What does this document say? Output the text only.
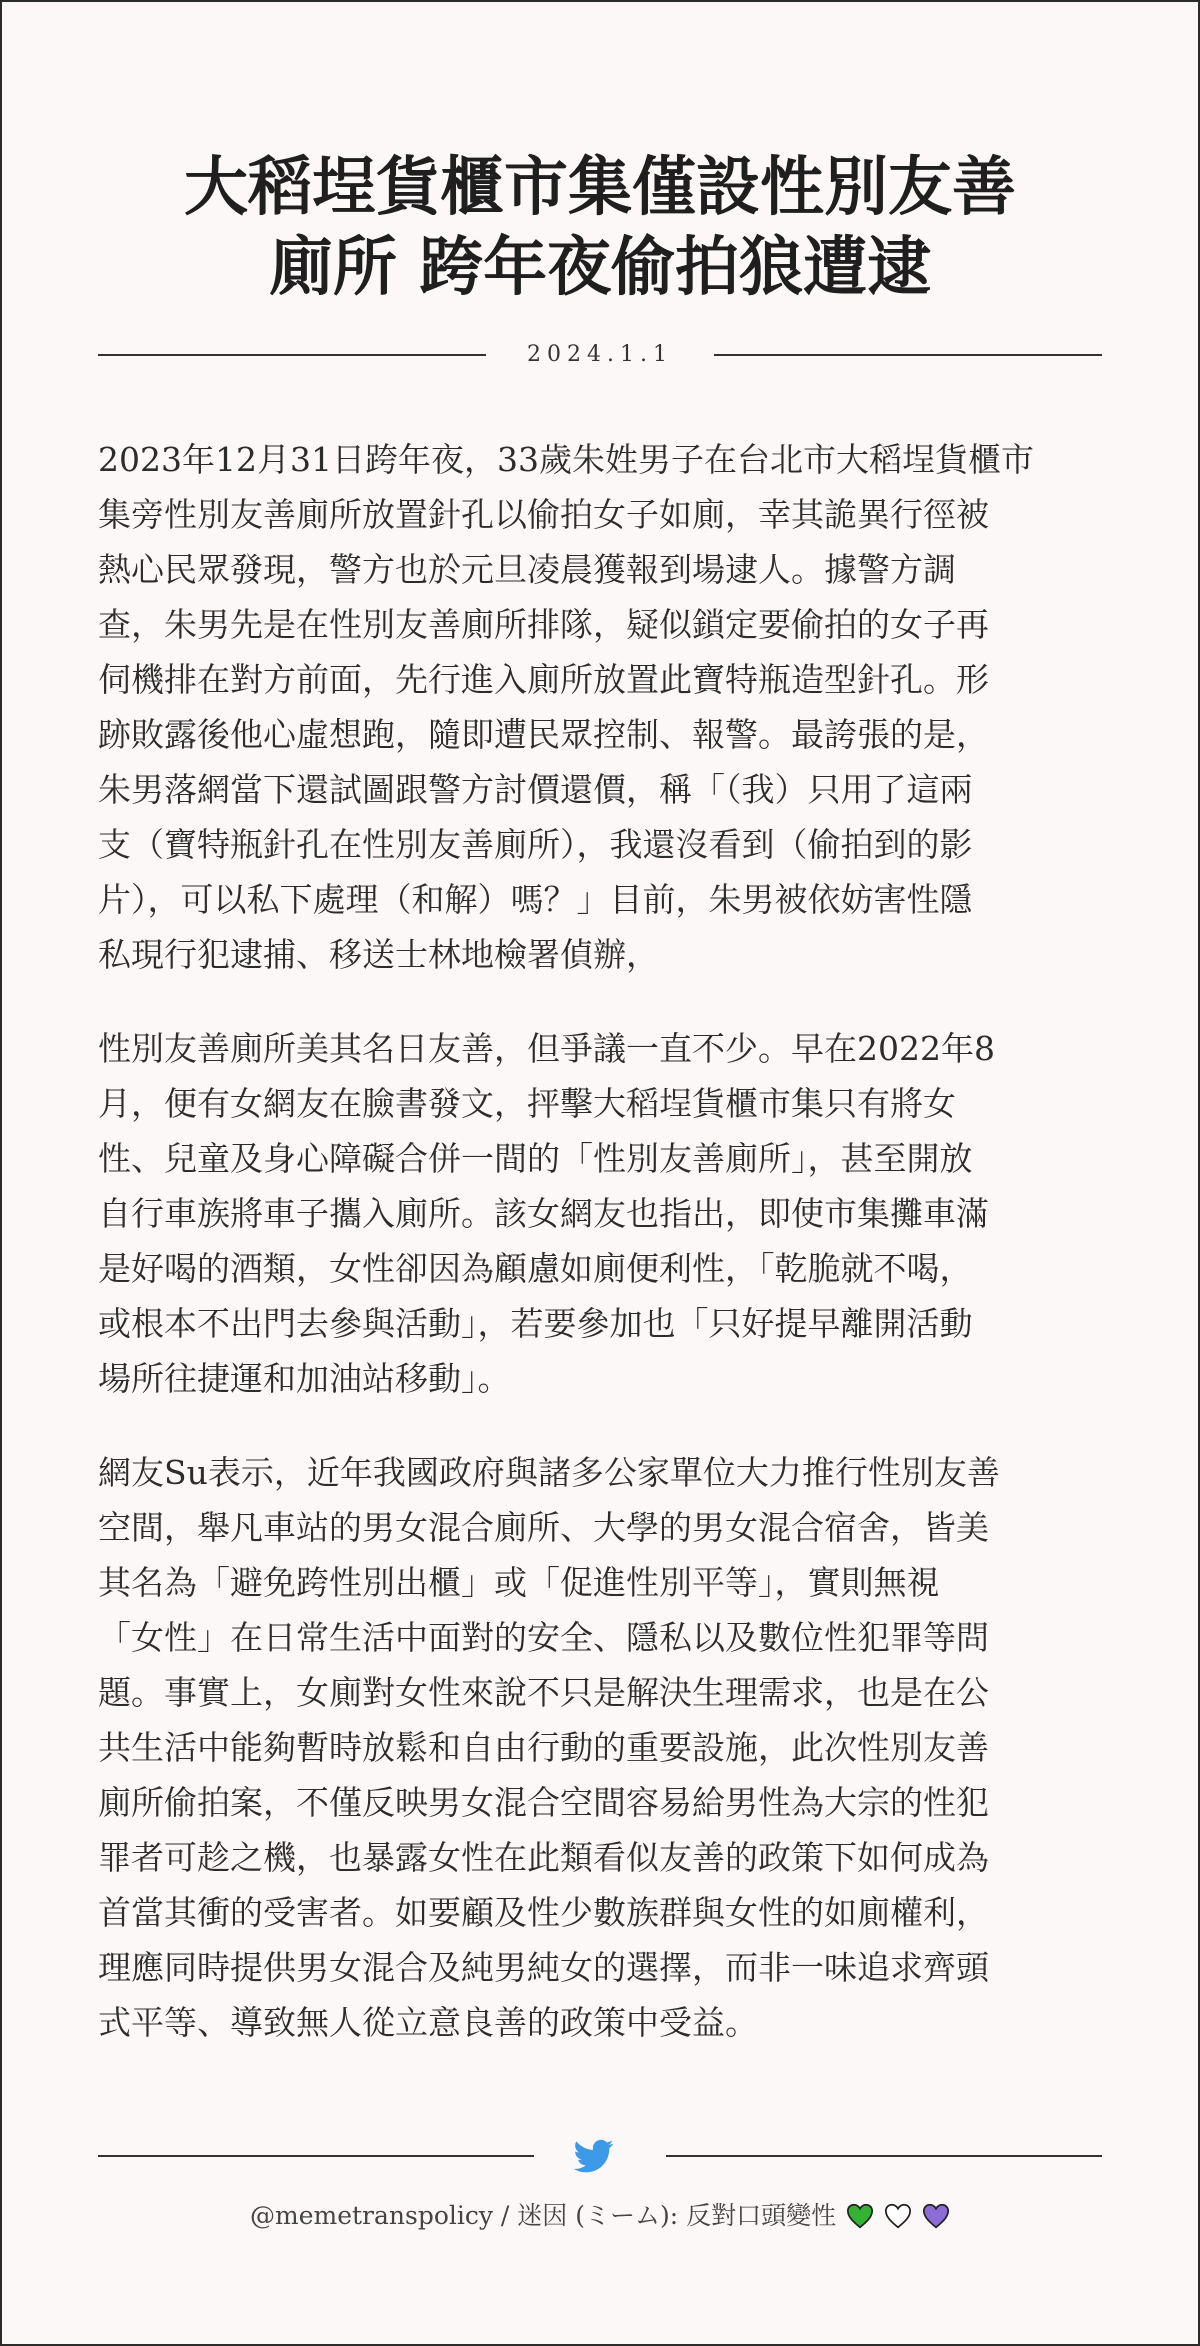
大稻埕貨櫃市集僅設性別友善
廁所 跨年夜偷拍狼遭逮
2024.1.1

2023年12月31日跨年夜，33歲朱姓男子在台北市大稻埕貨櫃市
集旁性別友善廁所放置針孔以偷拍女子如廁，幸其詭異行徑被
熱心民眾發現，警方也於元旦凌晨獲報到場逮人。據警方調
查，朱男先是在性別友善廁所排隊，疑似鎖定要偷拍的女子再
伺機排在對方前面，先行進入廁所放置此寶特瓶造型針孔。形
跡敗露後他心虛想跑，隨即遭民眾控制、報警。最誇張的是，
朱男落網當下還試圖跟警方討價還價，稱「（我）只用了這兩
支（寶特瓶針孔在性別友善廁所），我還沒看到（偷拍到的影
片），可以私下處理（和解）嗎？」目前，朱男被依妨害性隱
私現行犯逮捕、移送士林地檢署偵辦，

性別友善廁所美其名日友善，但爭議一直不少。早在2022年8
月，便有女網友在臉書發文，抨擊大稻埕貨櫃市集只有將女
性、兒童及身心障礙合併一間的「性別友善廁所」，甚至開放
自行車族將車子攜入廁所。該女網友也指出，即使市集攤車滿
是好喝的酒類，女性卻因為顧慮如廁便利性，「乾脆就不喝，
或根本不出門去參與活動」，若要參加也「只好提早離開活動
場所往捷運和加油站移動」。

網友Su表示，近年我國政府與諸多公家單位大力推行性別友善
空間，舉凡車站的男女混合廁所、大學的男女混合宿舍，皆美
其名為「避免跨性別出櫃」或「促進性別平等」，實則無視
「女性」在日常生活中面對的安全、隱私以及數位性犯罪等問
題。事實上，女廁對女性來說不只是解決生理需求，也是在公
共生活中能夠暫時放鬆和自由行動的重要設施，此次性別友善
廁所偷拍案，不僅反映男女混合空間容易給男性為大宗的性犯
罪者可趁之機，也暴露女性在此類看似友善的政策下如何成為
首當其衝的受害者。如要顧及性少數族群與女性的如廁權利，
理應同時提供男女混合及純男純女的選擇，而非一味追求齊頭
式平等、導致無人從立意良善的政策中受益。

@memetranspolicy / 迷因 (ミーム): 反對口頭變性
